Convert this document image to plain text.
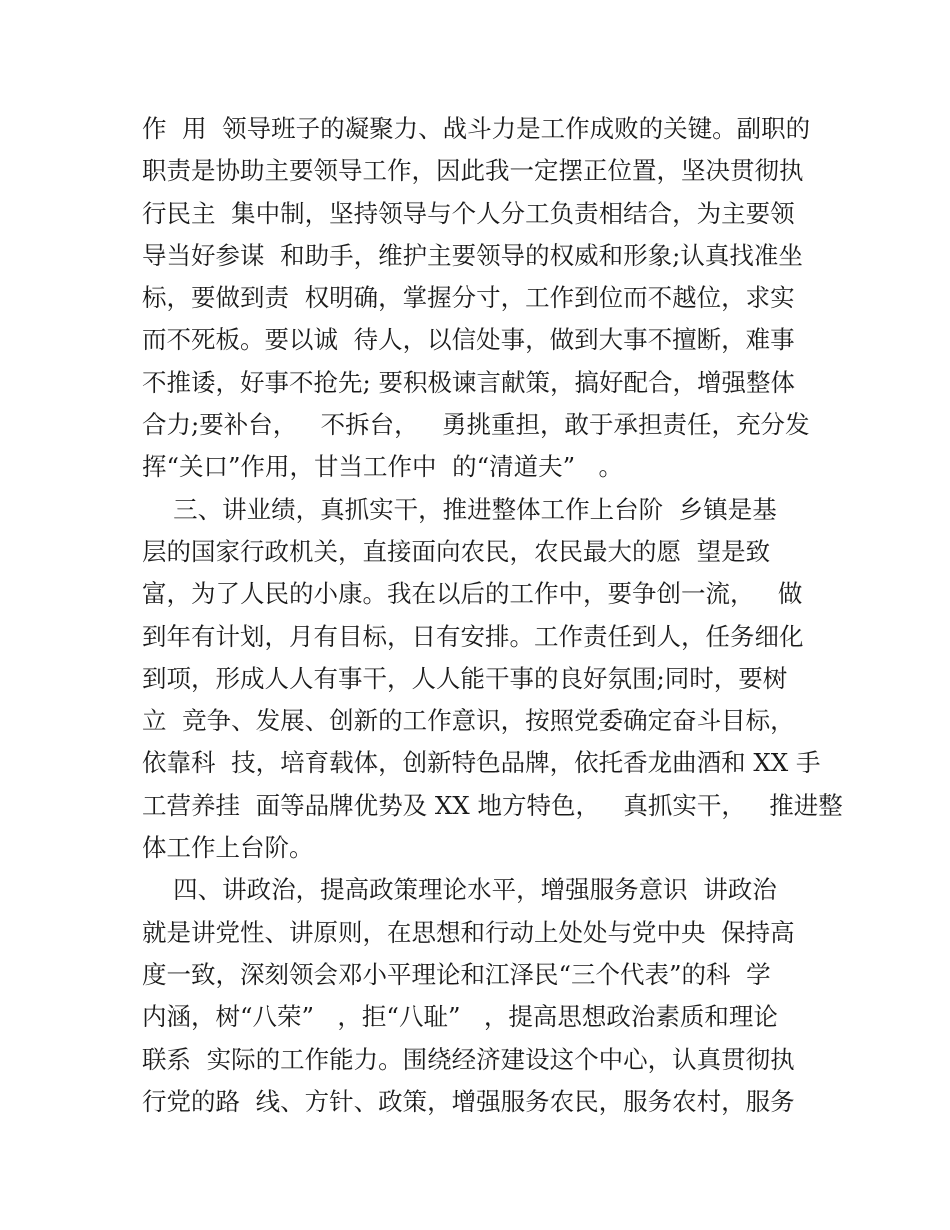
作  用  领导班子的凝聚力、战斗力是工作成败的关键。副职的
职责是协助主要领导工作，因此我一定摆正位置，坚决贯彻执
行民主  集中制，坚持领导与个人分工负责相结合，为主要领
导当好参谋  和助手，维护主要领导的权威和形象;认真找准坐
标，要做到责  权明确，掌握分寸，工作到位而不越位，求实
而不死板。要以诚  待人，以信处事，做到大事不擅断，难事
不推诿，好事不抢先; 要积极谏言献策，搞好配合，增强整体
合力;要补台，   不拆台，   勇挑重担，敢于承担责任，充分发
挥“关口”作用，甘当工作中  的“清道夫”   。
三、讲业绩，真抓实干，推进整体工作上台阶  乡镇是基
层的国家行政机关，直接面向农民，农民最大的愿  望是致
富，为了人民的小康。我在以后的工作中，要争创一流，   做
到年有计划，月有目标，日有安排。工作责任到人，任务细化
到项，形成人人有事干，人人能干事的良好氛围;同时，要树
立  竞争、发展、创新的工作意识，按照党委确定奋斗目标，
依靠科  技，培育载体，创新特色品牌，依托香龙曲酒和 XX 手
工营养挂  面等品牌优势及 XX 地方特色，   真抓实干，   推进整
体工作上台阶。
四、讲政治，提高政策理论水平，增强服务意识  讲政治
就是讲党性、讲原则，在思想和行动上处处与党中央  保持高
度一致，深刻领会邓小平理论和江泽民“三个代表”的科  学
内涵，树“八荣”   ，拒“八耻”   ，提高思想政治素质和理论
联系  实际的工作能力。围绕经济建设这个中心，认真贯彻执
行党的路  线、方针、政策，增强服务农民，服务农村，服务
